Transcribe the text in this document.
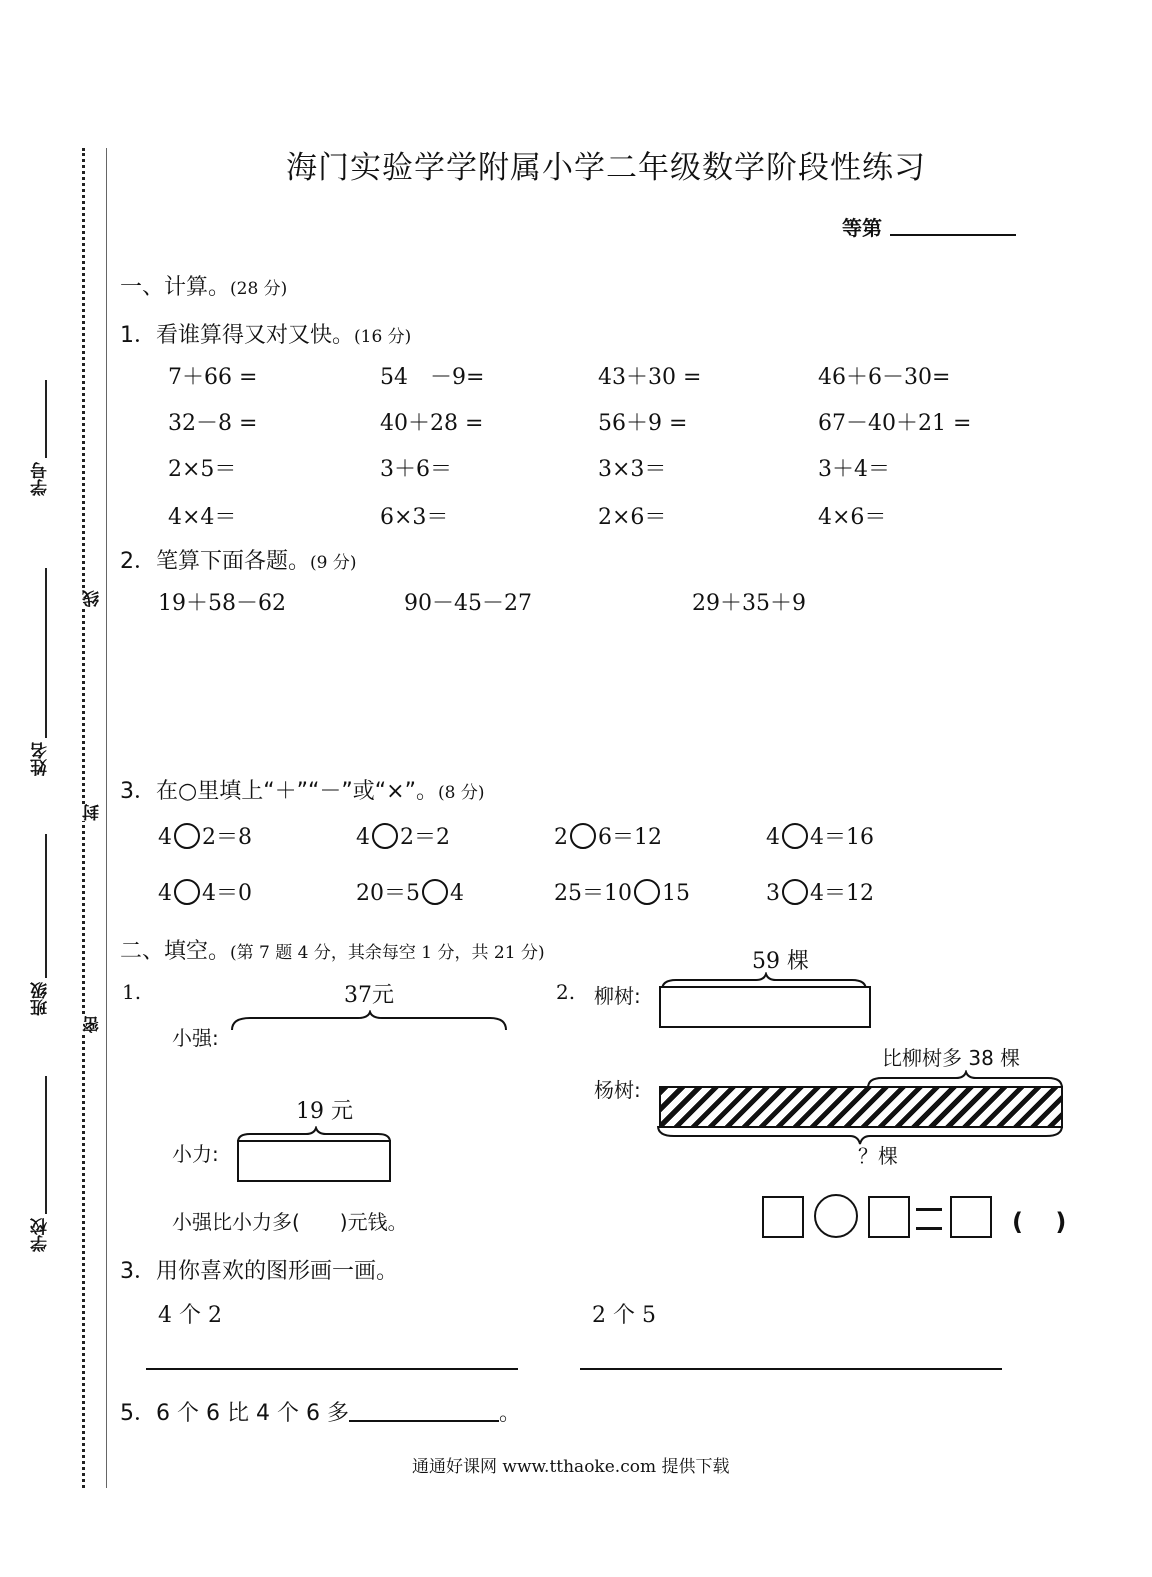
学号
姓名
班级
学校
线
封
密
海门实验学学附属小学二年级数学阶段性练习
等第
一、计算。(28 分)
1．看谁算得又对又快。(16 分)
7＋66 =	54　－9=	43＋30 =	46＋6－30=
32－8 =	40＋28 =	56＋9 =	67－40＋21 =
2×5＝	3＋6＝	3×3＝	3＋4＝
4×4＝	6×3＝	2×6＝	4×6＝
2．笔算下面各题。(9 分)
19＋58－62	90－45－27	29＋35＋9
3．在○里填上“＋”“－”或“×”。(8 分)
4 2＝8	4 2＝2	2 6＝12	4 4＝16
4 4＝0	20＝5 4	25＝10 15	3 4＝12
二、填空。(第 7 题 4 分，其余每空 1 分，共 21 分)
1.	37元
小强:
19 元
小力:
小强比小力多(　　)元钱。
2.
59 棵
柳树:
比柳树多 38 棵
杨树:
？棵
(　 )
3．用你喜欢的图形画一画。
4 个 2	2 个 5
5．6 个 6 比 4 个 6 多	。
通通好课网 www.tthaoke.com 提供下载
